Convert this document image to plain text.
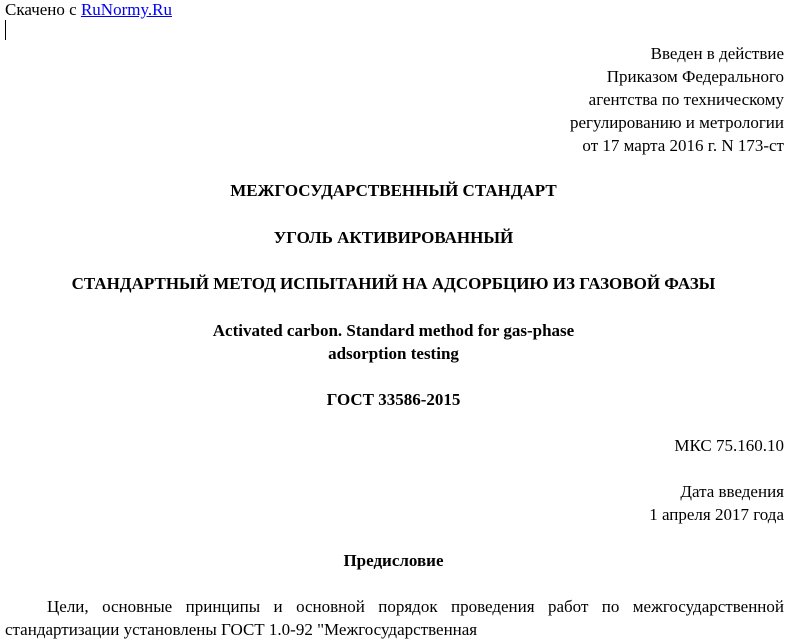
Скачено с RuNormy.Ru
Введен в действие
Приказом Федерального
агентства по техническому
регулированию и метрологии
от 17 марта 2016 г. N 173-ст
МЕЖГОСУДАРСТВЕННЫЙ СТАНДАРТ
УГОЛЬ АКТИВИРОВАННЫЙ
СТАНДАРТНЫЙ МЕТОД ИСПЫТАНИЙ НА АДСОРБЦИЮ ИЗ ГАЗОВОЙ ФАЗЫ
Activated carbon. Standard method for gas-phase
adsorption testing
ГОСТ 33586-2015
МКС 75.160.10
Дата введения
1 апреля 2017 года
Предисловие
Цели, основные принципы и основной порядок проведения работ по межгосударственной стандартизации установлены ГОСТ 1.0-92 "Межгосударственная
